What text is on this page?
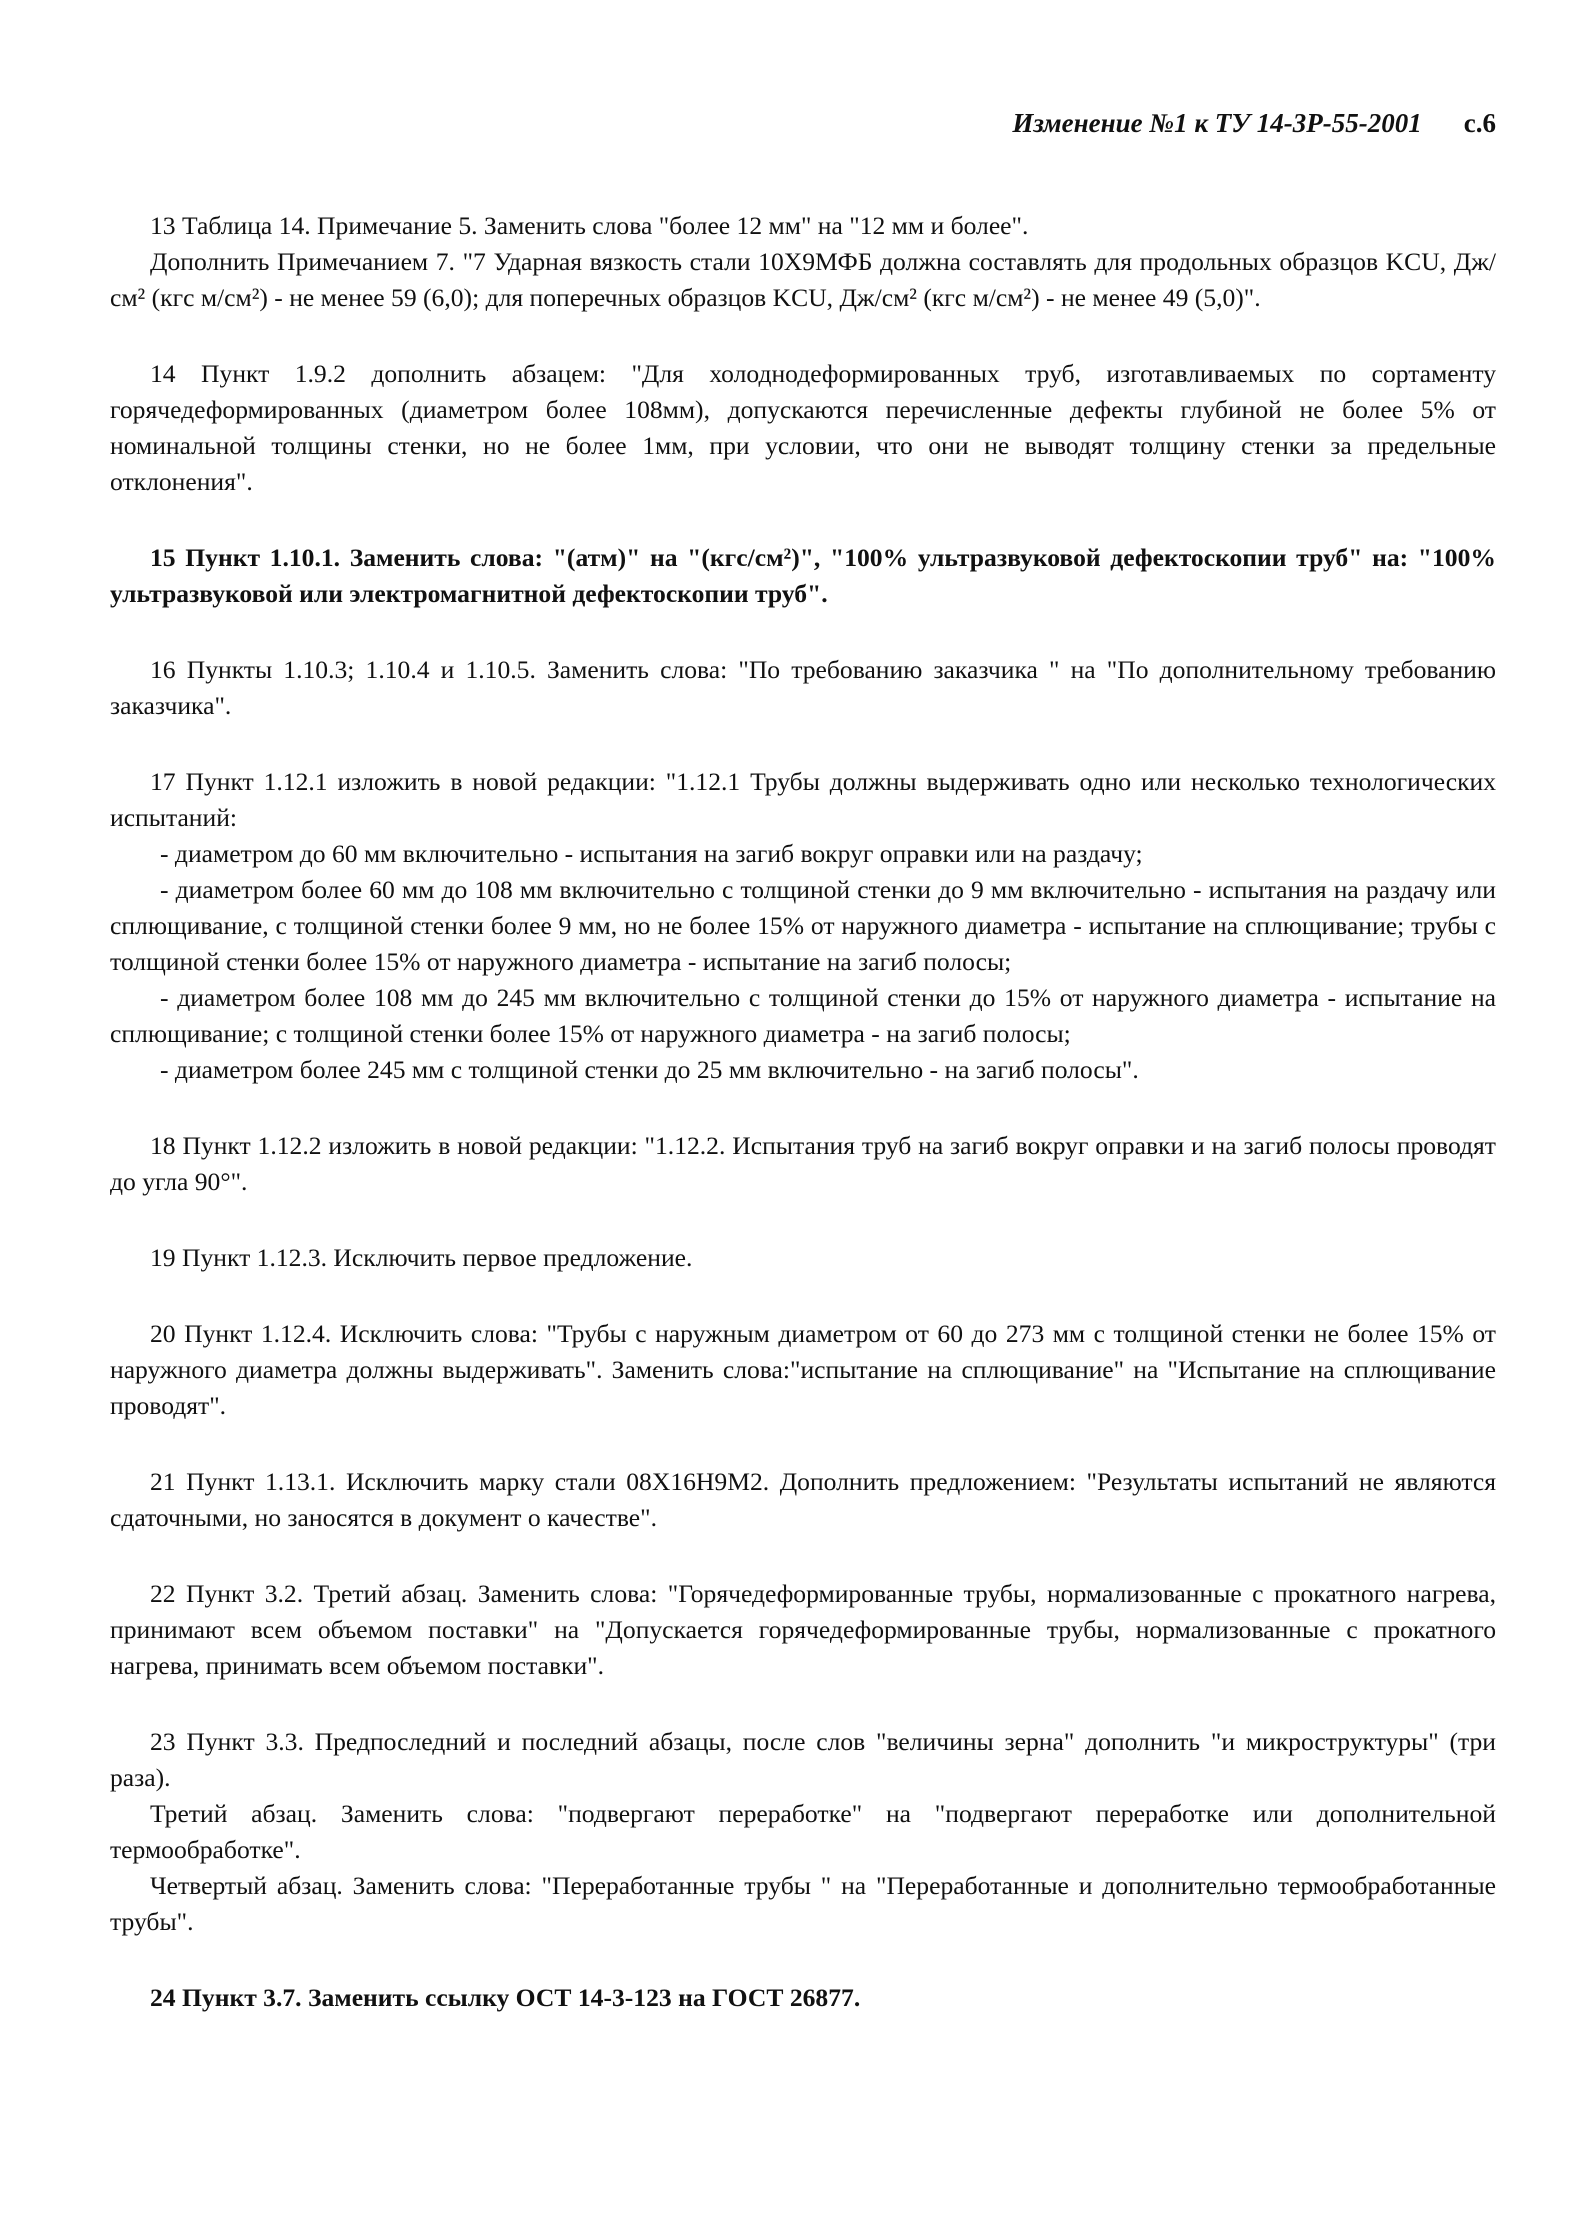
Изменение №1 к ТУ 14-3Р-55-2001 с.6

13 Таблица 14. Примечание 5. Заменить слова "более 12 мм" на "12 мм и более".

Дополнить Примечанием 7. "7 Ударная вязкость стали 10Х9МФБ должна составлять для продольных образцов KCU, Дж/см² (кгс м/см²) - не менее 59 (6,0); для поперечных образцов KCU, Дж/см² (кгс м/см²) - не менее 49 (5,0)".

14 Пункт 1.9.2 дополнить абзацем: "Для холоднодеформированных труб, изготавливаемых по сортаменту горячедеформированных (диаметром более 108мм), допускаются перечисленные дефекты глубиной не более 5% от номинальной толщины стенки, но не более 1мм, при условии, что они не выводят толщину стенки за предельные отклонения".

15 Пункт 1.10.1. Заменить слова: "(атм)" на "(кгс/см²)", "100% ультразвуковой дефектоскопии труб" на: "100% ультразвуковой или электромагнитной дефектоскопии труб".

16 Пункты 1.10.3; 1.10.4 и 1.10.5. Заменить слова: "По требованию заказчика " на "По дополнительному требованию заказчика".

17 Пункт 1.12.1 изложить в новой редакции: "1.12.1 Трубы должны выдерживать одно или несколько технологических испытаний:

- диаметром до 60 мм включительно - испытания на загиб вокруг оправки или на раздачу;

- диаметром более 60 мм до 108 мм включительно с толщиной стенки до 9 мм включительно - испытания на раздачу или сплющивание, с толщиной стенки более 9 мм, но не более 15% от наружного диаметра - испытание на сплющивание; трубы с толщиной стенки более 15% от наружного диаметра - испытание на загиб полосы;

- диаметром более 108 мм до 245 мм включительно с толщиной стенки до 15% от наружного диаметра - испытание на сплющивание; с толщиной стенки более 15% от наружного диаметра - на загиб полосы;

- диаметром более 245 мм с толщиной стенки до 25 мм включительно - на загиб полосы".

18 Пункт 1.12.2 изложить в новой редакции: "1.12.2. Испытания труб на загиб вокруг оправки и на загиб полосы проводят до угла 90°".

19 Пункт 1.12.3. Исключить первое предложение.

20 Пункт 1.12.4. Исключить слова: "Трубы с наружным диаметром от 60 до 273 мм с толщиной стенки не более 15% от наружного диаметра должны выдерживать". Заменить слова:"испытание на сплющивание" на "Испытание на сплющивание проводят".

21 Пункт 1.13.1. Исключить марку стали 08Х16Н9М2. Дополнить предложением: "Результаты испытаний не являются сдаточными, но заносятся в документ о качестве".

22 Пункт 3.2. Третий абзац. Заменить слова: "Горячедеформированные трубы, нормализованные с прокатного нагрева, принимают всем объемом поставки" на "Допускается горячедеформированные трубы, нормализованные с прокатного нагрева, принимать всем объемом поставки".

23 Пункт 3.3. Предпоследний и последний абзацы, после слов "величины зерна" дополнить "и микроструктуры" (три раза).

Третий абзац. Заменить слова: "подвергают переработке" на "подвергают переработке или дополнительной термообработке".

Четвертый абзац. Заменить слова: "Переработанные трубы " на "Переработанные и дополнительно термообработанные трубы".

24 Пункт 3.7. Заменить ссылку ОСТ 14-3-123 на ГОСТ 26877.
